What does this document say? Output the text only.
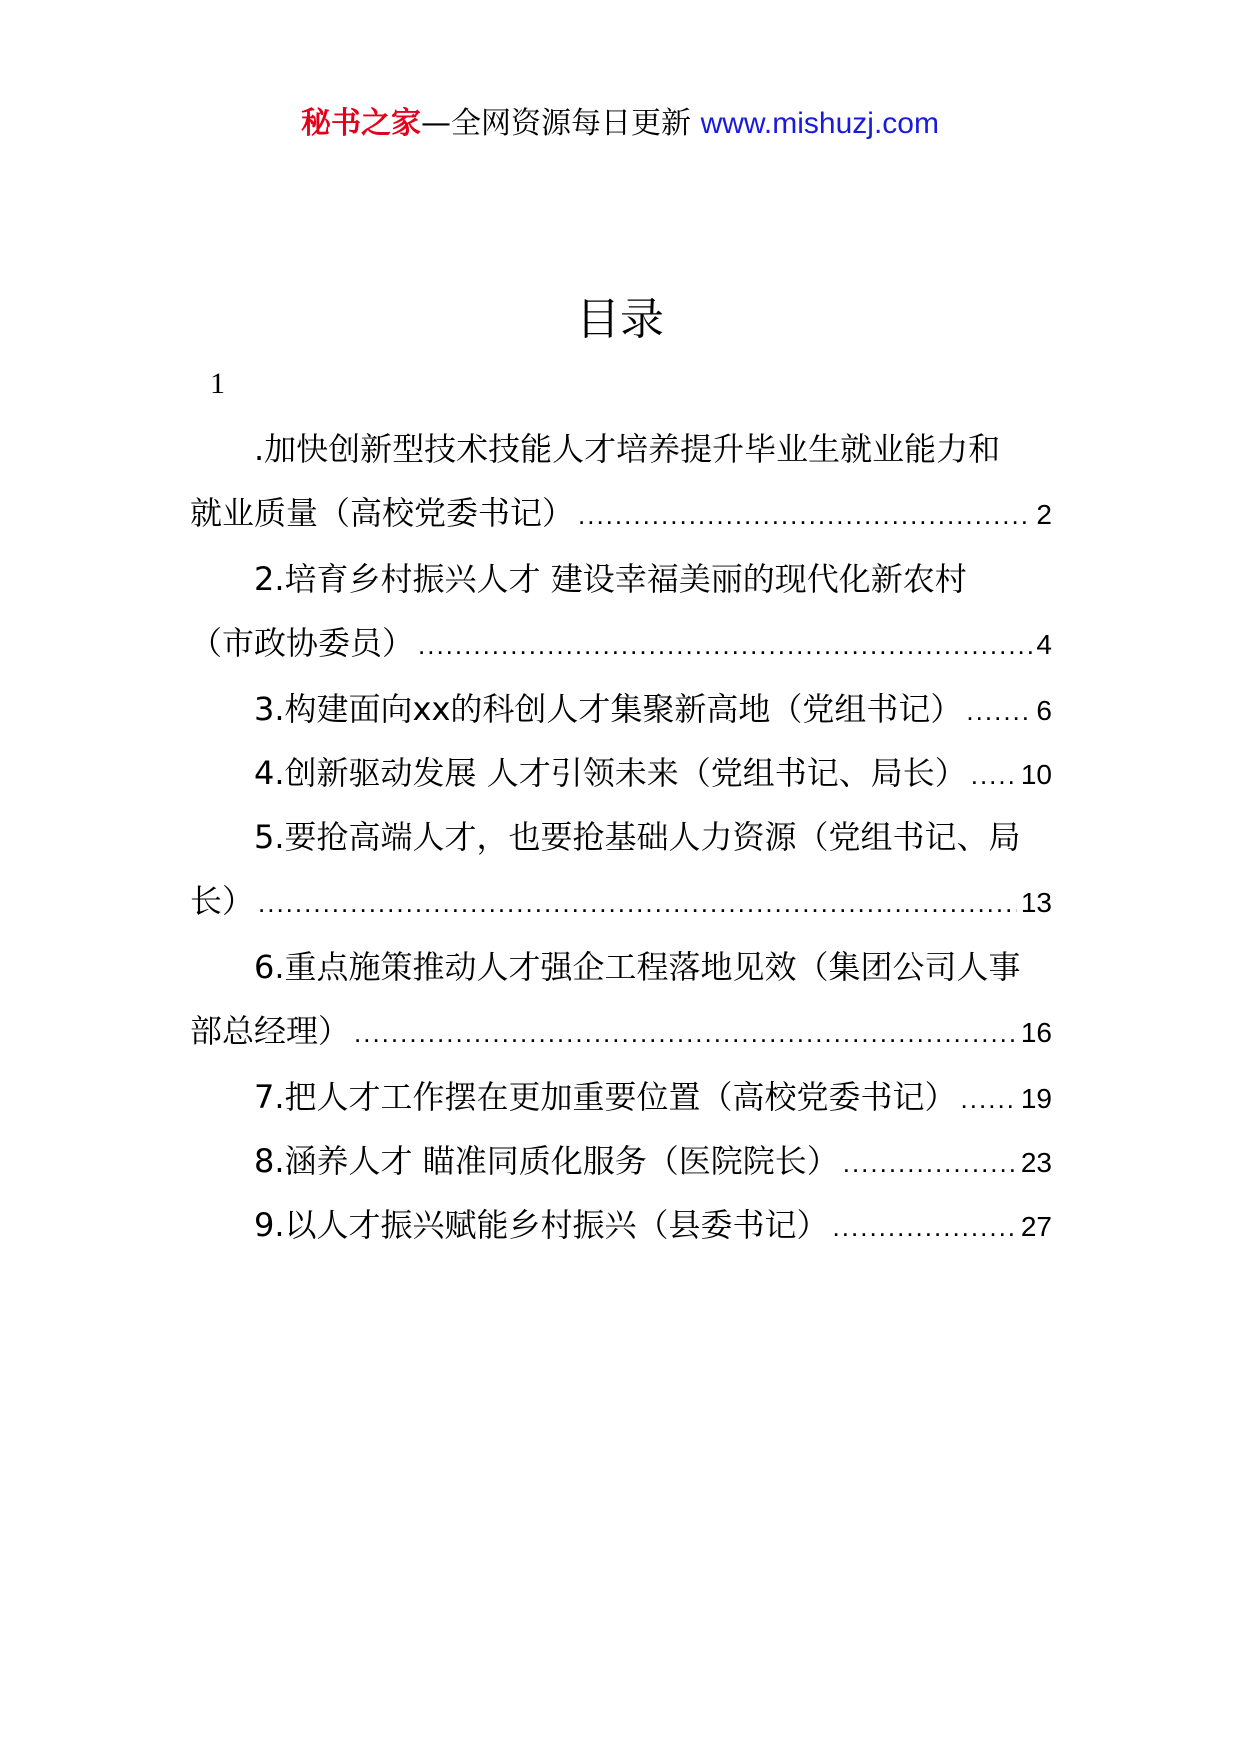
秘书之家—全网资源每日更新 www.mishuzj.com
目录
1
.加快创新型技术技能人才培养提升毕业生就业能力和
就业质量（高校党委书记） .....	2
2.培育乡村振兴人才 建设幸福美丽的现代化新农村
（市政协委员） .....	4
3.构建面向xx的科创人才集聚新高地（党组书记） .....	6
4.创新驱动发展 人才引领未来（党组书记、局长） ..... 10
5.要抢高端人才，也要抢基础人力资源（党组书记、局
长） .....	13
6.重点施策推动人才强企工程落地见效（集团公司人事
部总经理） .....	16
7.把人才工作摆在更加重要位置（高校党委书记） ..... 19
8.涵养人才 瞄准同质化服务（医院院长） .....	23
9.以人才振兴赋能乡村振兴（县委书记） .....	27
